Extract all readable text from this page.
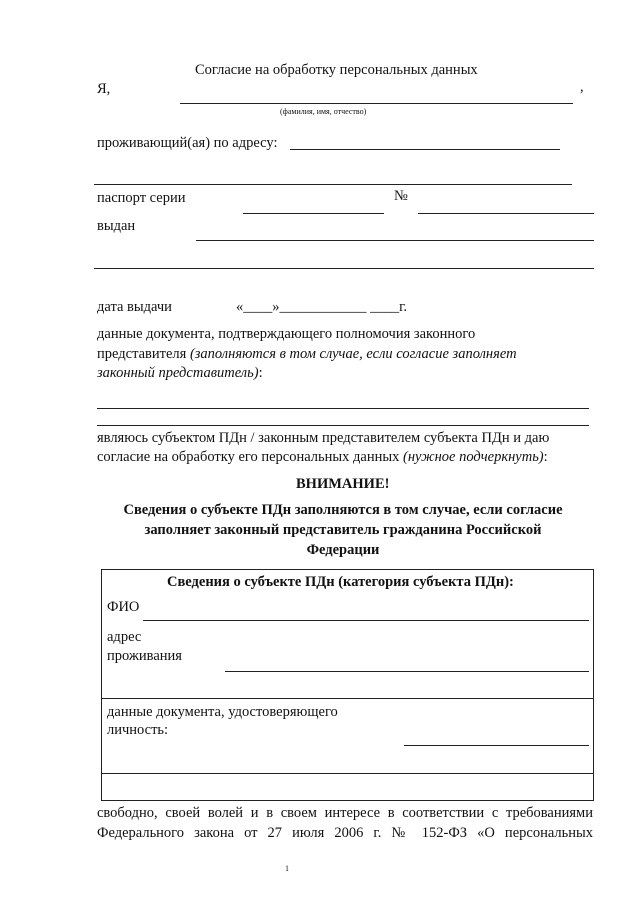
Согласие на обработку персональных данных
Я,	,
(фамилия, имя, отчество)
проживающий(ая) по адресу:
паспорт серии	№
выдан
дата выдачи	«____»____________ ____г.
данные документа, подтверждающего полномочия законного
представителя (заполняются в том случае, если согласие заполняет
законный представитель):
являюсь субъектом ПДн / законным представителем субъекта ПДн и даю
согласие на обработку его персональных данных (нужное подчеркнуть):
ВНИМАНИЕ!
Сведения о субъекте ПДн заполняются в том случае, если согласие
заполняет законный представитель гражданина Российской
Федерации
Сведения о субъекте ПДн (категория субъекта ПДн):
ФИО
адрес
проживания
данные документа, удостоверяющего
личность:
свободно, своей волей и в своем интересе в соответствии с требованиями
Федерального закона от 27 июля 2006 г. № 152-ФЗ «О персональных
1
